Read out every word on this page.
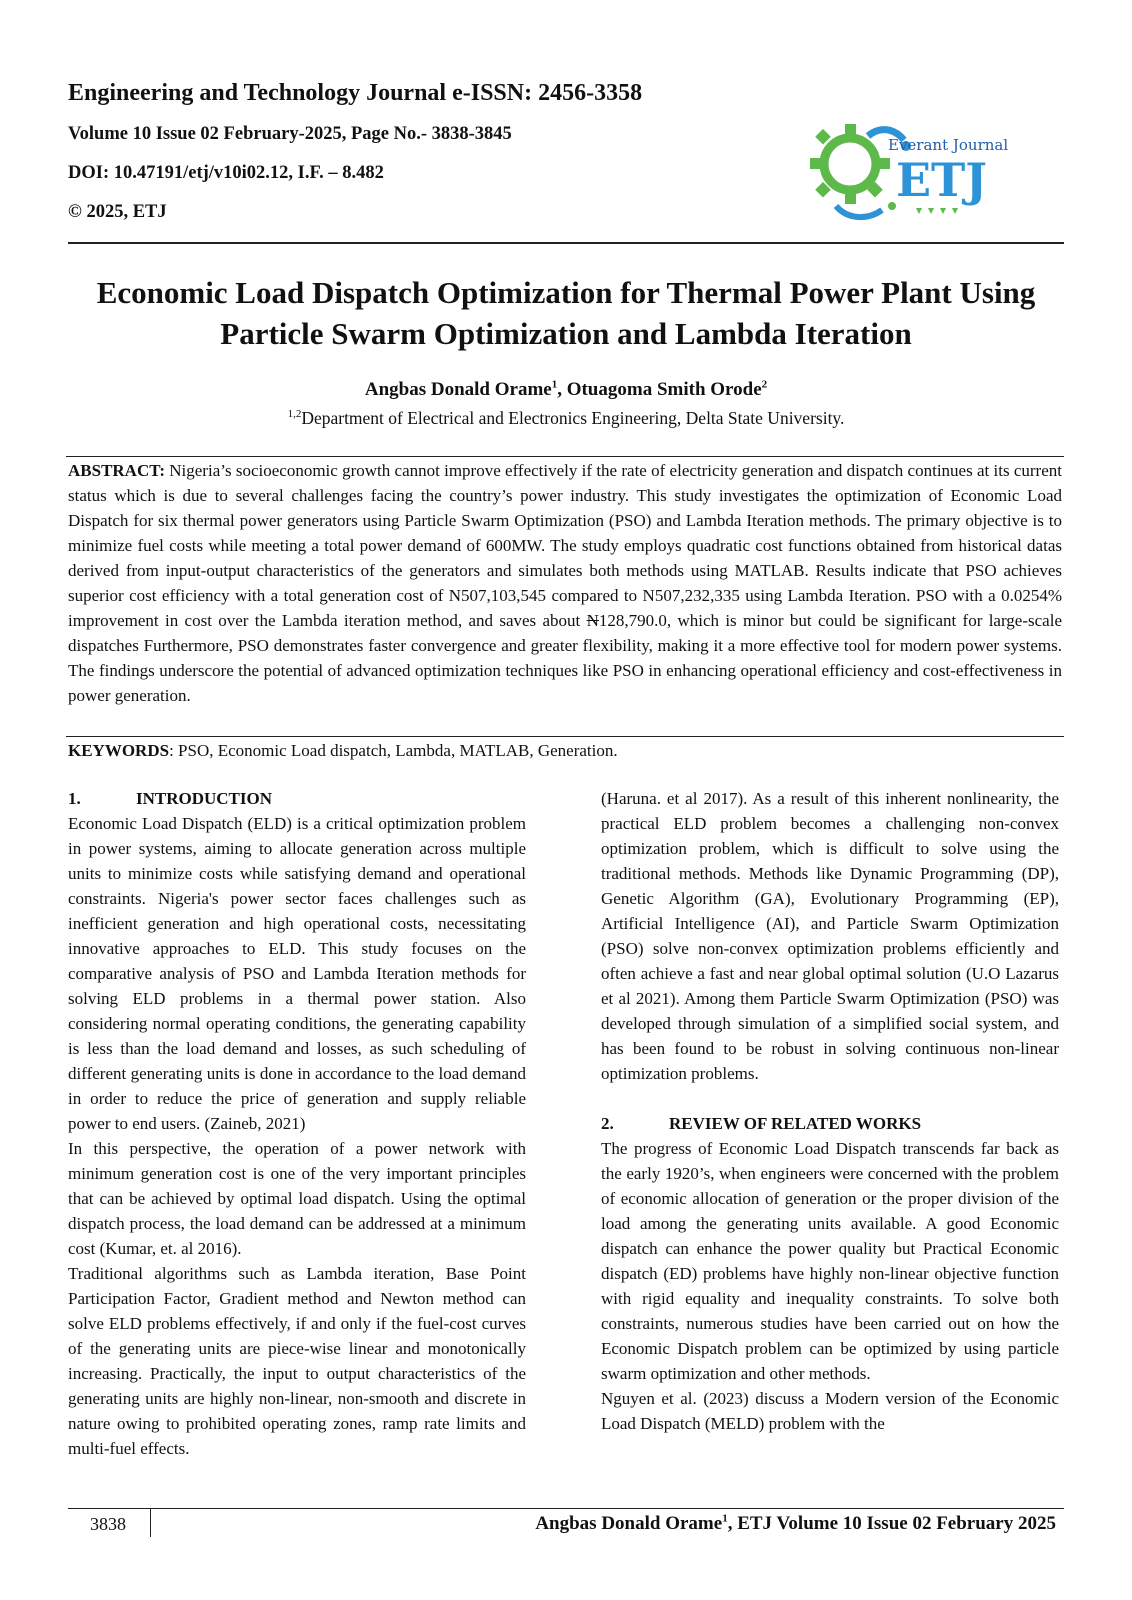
Engineering and Technology Journal e-ISSN: 2456-3358

Volume 10 Issue 02 February-2025, Page No.- 3838-3845

DOI: 10.47191/etj/v10i02.12, I.F. – 8.482

© 2025, ETJ

Everant Journal
ETJ
Economic Load Dispatch Optimization for Thermal Power Plant Using
Particle Swarm Optimization and Lambda Iteration
Angbas Donald Orame$^1$, Otuagoma Smith Orode$^2$
$^{1,2}$Department of Electrical and Electronics Engineering, Delta State University.

ABSTRACT: Nigeria’s socioeconomic growth cannot improve effectively if the rate of electricity generation and dispatch continues at its current status which is due to several challenges facing the country’s power industry. This study investigates the optimization of Economic Load Dispatch for six thermal power generators using Particle Swarm Optimization (PSO) and Lambda Iteration methods. The primary objective is to minimize fuel costs while meeting a total power demand of 600MW. The study employs quadratic cost functions obtained from historical datas derived from input-output characteristics of the generators and simulates both methods using MATLAB. Results indicate that PSO achieves superior cost efficiency with a total generation cost of N507,103,545 compared to N507,232,335 using Lambda Iteration. PSO with a 0.0254% improvement in cost over the Lambda iteration method, and saves about N128,790.0, which is minor but could be significant for large-scale dispatches Furthermore, PSO demonstrates faster convergence and greater flexibility, making it a more effective tool for modern power systems. The findings underscore the potential of advanced optimization techniques like PSO in enhancing operational efficiency and cost-effectiveness in power generation.

KEYWORDS: PSO, Economic Load dispatch, Lambda, MATLAB, Generation.

1.	INTRODUCTION

Economic Load Dispatch (ELD) is a critical optimization problem in power systems, aiming to allocate generation across multiple units to minimize costs while satisfying demand and operational constraints. Nigeria's power sector faces challenges such as inefficient generation and high operational costs, necessitating innovative approaches to ELD. This study focuses on the comparative analysis of PSO and Lambda Iteration methods for solving ELD problems in a thermal power station. Also considering normal operating conditions, the generating capability is less than the load demand and losses, as such scheduling of different generating units is done in accordance to the load demand in order to reduce the price of generation and supply reliable power to end users. (Zaineb, 2021)

In this perspective, the operation of a power network with minimum generation cost is one of the very important principles that can be achieved by optimal load dispatch. Using the optimal dispatch process, the load demand can be addressed at a minimum cost (Kumar, et. al 2016).

Traditional algorithms such as Lambda iteration, Base Point Participation Factor, Gradient method and Newton method can solve ELD problems effectively, if and only if the fuel-cost curves of the generating units are piece-wise linear and monotonically increasing. Practically, the input to output characteristics of the generating units are highly non-linear, non-smooth and discrete in nature owing to prohibited operating zones, ramp rate limits and multi-fuel effects.

(Haruna. et al 2017). As a result of this inherent nonlinearity, the practical ELD problem becomes a challenging non-convex optimization problem, which is difficult to solve using the traditional methods. Methods like Dynamic Programming (DP), Genetic Algorithm (GA), Evolutionary Programming (EP), Artificial Intelligence (AI), and Particle Swarm Optimization (PSO) solve non-convex optimization problems efficiently and often achieve a fast and near global optimal solution (U.O Lazarus et al 2021). Among them Particle Swarm Optimization (PSO) was developed through simulation of a simplified social system, and has been found to be robust in solving continuous non-linear optimization problems.

2.	REVIEW OF RELATED WORKS

The progress of Economic Load Dispatch transcends far back as the early 1920’s, when engineers were concerned with the problem of economic allocation of generation or the proper division of the load among the generating units available. A good Economic dispatch can enhance the power quality but Practical Economic dispatch (ED) problems have highly non-linear objective function with rigid equality and inequality constraints. To solve both constraints, numerous studies have been carried out on how the Economic Dispatch problem can be optimized by using particle swarm optimization and other methods.

Nguyen et al. (2023) discuss a Modern version of the Economic Load Dispatch (MELD) problem with the

3838	Angbas Donald Orame$^1$, ETJ Volume 10 Issue 02 February 2025
